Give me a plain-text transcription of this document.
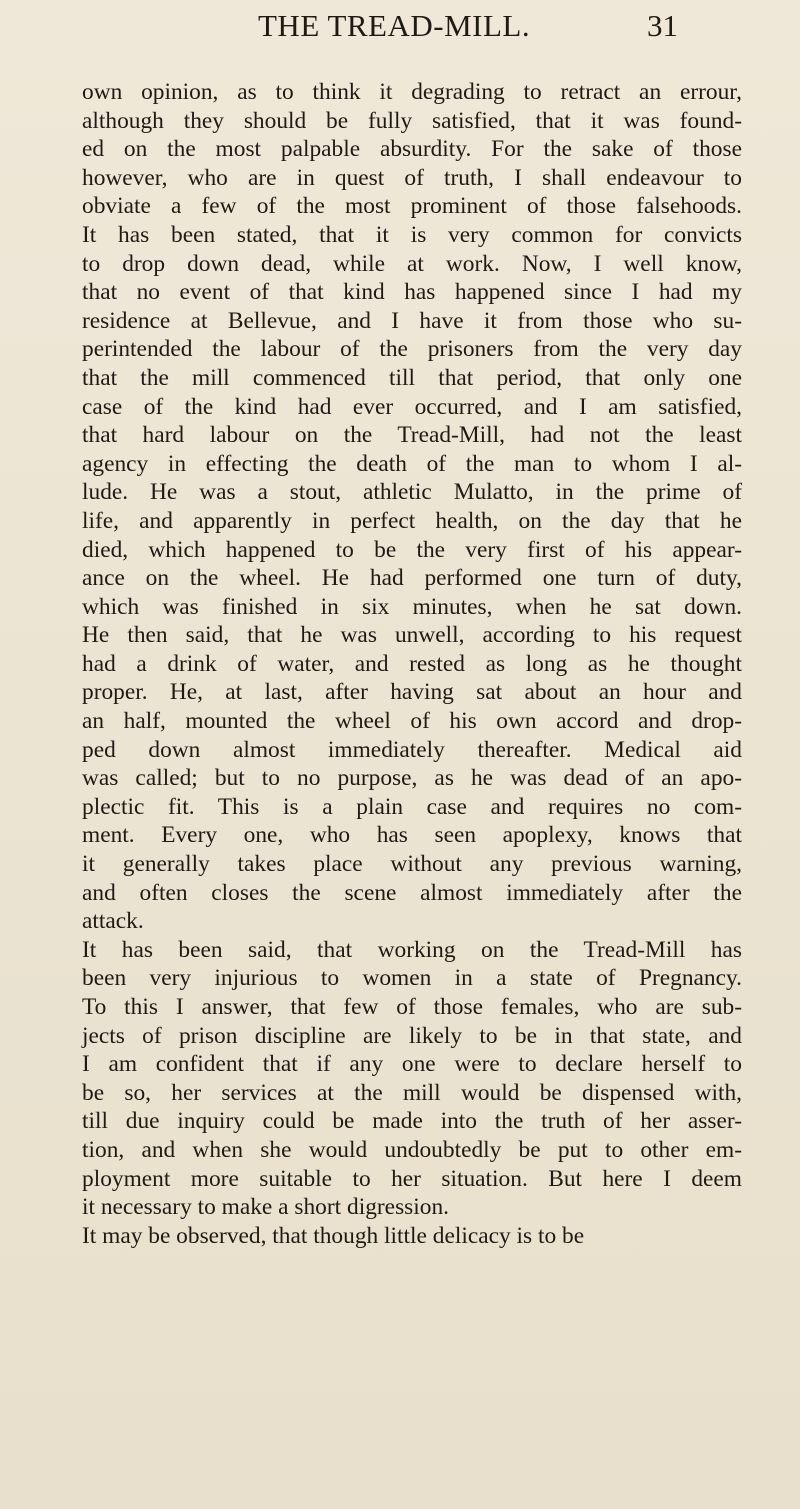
THE TREAD-MILL.	31
own opinion, as to think it degrading to retract an errour,
although they should be fully satisfied, that it was found-
ed on the most palpable absurdity. For the sake of those
however, who are in quest of truth, I shall endeavour to
obviate a few of the most prominent of those falsehoods.
It has been stated, that it is very common for convicts
to drop down dead, while at work. Now, I well know,
that no event of that kind has happened since I had my
residence at Bellevue, and I have it from those who su-
perintended the labour of the prisoners from the very day
that the mill commenced till that period, that only one
case of the kind had ever occurred, and I am satisfied,
that hard labour on the Tread-Mill, had not the least
agency in effecting the death of the man to whom I al-
lude. He was a stout, athletic Mulatto, in the prime of
life, and apparently in perfect health, on the day that he
died, which happened to be the very first of his appear-
ance on the wheel. He had performed one turn of duty,
which was finished in six minutes, when he sat down.
He then said, that he was unwell, according to his request
had a drink of water, and rested as long as he thought
proper. He, at last, after having sat about an hour and
an half, mounted the wheel of his own accord and drop-
ped down almost immediately thereafter. Medical aid
was called; but to no purpose, as he was dead of an apo-
plectic fit. This is a plain case and requires no com-
ment. Every one, who has seen apoplexy, knows that
it generally takes place without any previous warning,
and often closes the scene almost immediately after the
attack.
It has been said, that working on the Tread-Mill has
been very injurious to women in a state of Pregnancy.
To this I answer, that few of those females, who are sub-
jects of prison discipline are likely to be in that state, and
I am confident that if any one were to declare herself to
be so, her services at the mill would be dispensed with,
till due inquiry could be made into the truth of her asser-
tion, and when she would undoubtedly be put to other em-
ployment more suitable to her situation. But here I deem
it necessary to make a short digression.
It may be observed, that though little delicacy is to be
